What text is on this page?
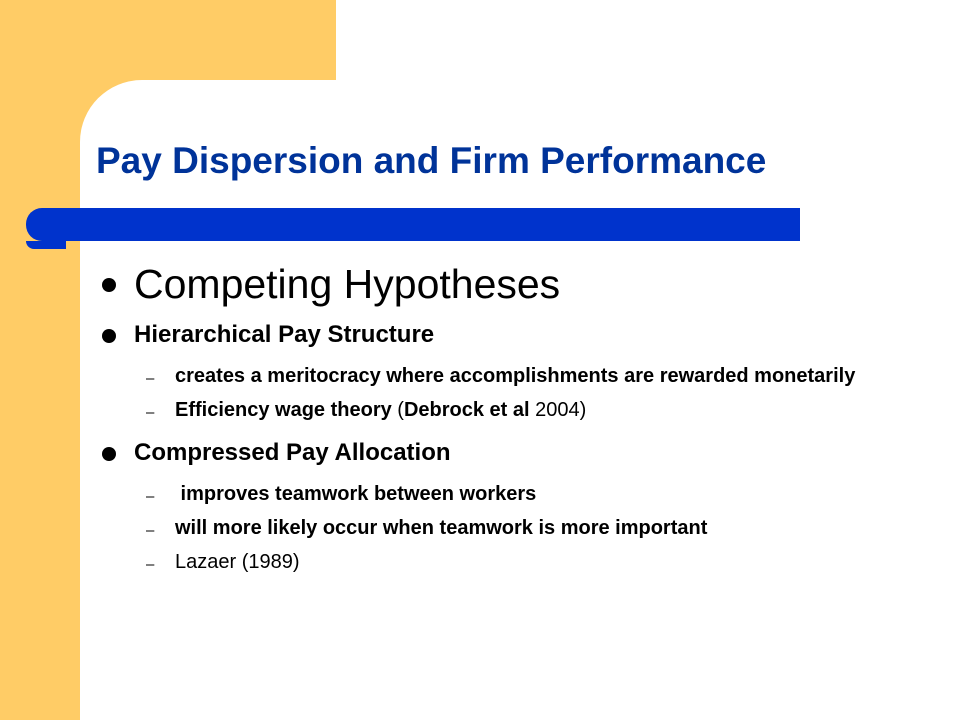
Pay Dispersion and Firm Performance

Competing Hypotheses

Hierarchical Pay Structure

– creates a meritocracy where accomplishments are rewarded monetarily

– Efficiency wage theory (Debrock et al 2004)

Compressed Pay Allocation

– improves teamwork between workers

– will more likely occur when teamwork is more important

– Lazaer (1989)
